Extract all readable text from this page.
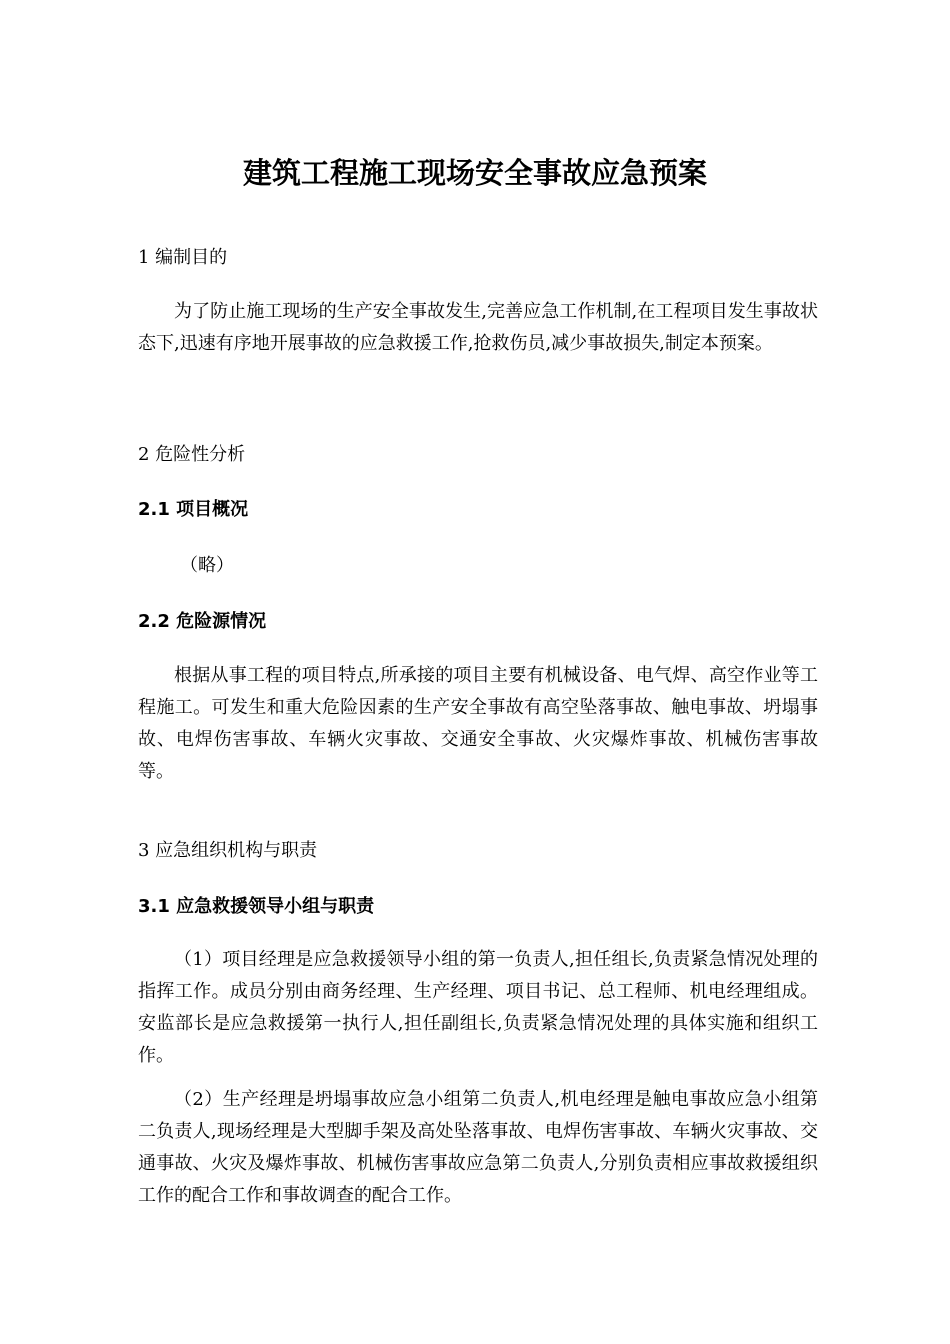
建筑工程施工现场安全事故应急预案

1 编制目的

为了防止施工现场的生产安全事故发生,完善应急工作机制,在工程项目发生事故状态下,迅速有序地开展事故的应急救援工作,抢救伤员,减少事故损失,制定本预案。

2 危险性分析

2.1 项目概况

（略）

2.2 危险源情况

根据从事工程的项目特点,所承接的项目主要有机械设备、电气焊、高空作业等工程施工。可发生和重大危险因素的生产安全事故有高空坠落事故、触电事故、坍塌事故、电焊伤害事故、车辆火灾事故、交通安全事故、火灾爆炸事故、机械伤害事故等。

3 应急组织机构与职责

3.1 应急救援领导小组与职责

（1）项目经理是应急救援领导小组的第一负责人,担任组长,负责紧急情况处理的指挥工作。成员分别由商务经理、生产经理、项目书记、总工程师、机电经理组成。安监部长是应急救援第一执行人,担任副组长,负责紧急情况处理的具体实施和组织工作。

（2）生产经理是坍塌事故应急小组第二负责人,机电经理是触电事故应急小组第二负责人,现场经理是大型脚手架及高处坠落事故、电焊伤害事故、车辆火灾事故、交通事故、火灾及爆炸事故、机械伤害事故应急第二负责人,分别负责相应事故救援组织工作的配合工作和事故调查的配合工作。
